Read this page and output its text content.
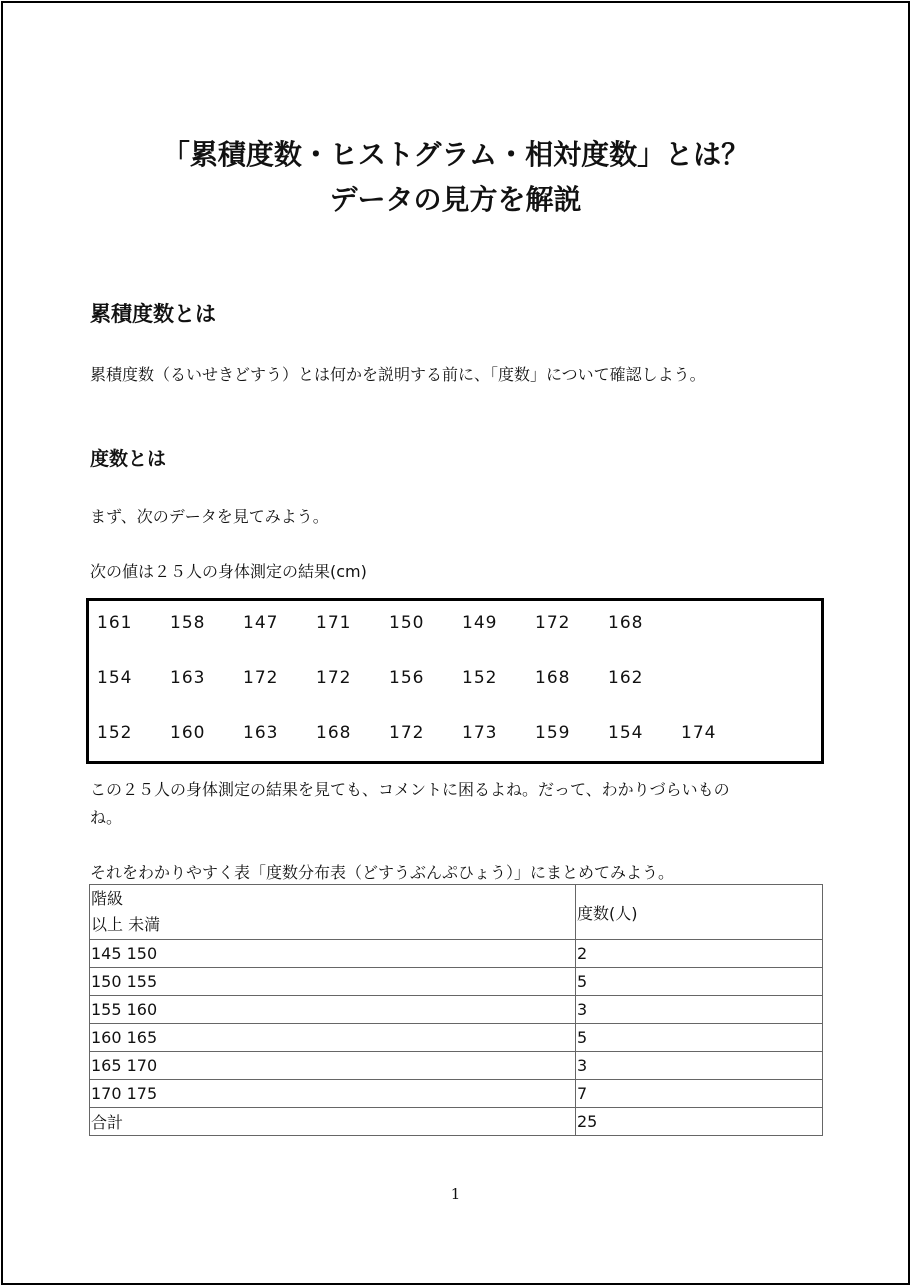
「累積度数・ヒストグラム・相対度数」とは？
データの見方を解説
累積度数とは
累積度数（るいせきどすう）とは何かを説明する前に、「度数」について確認しよう。
度数とは
まず、次のデータを見てみよう。
次の値は２５人の身体測定の結果(cm)
161	158	147	171	150	149	172	168
154	163	172	172	156	152	168	162
152	160	163	168	172	173	159	154	174
この２５人の身体測定の結果を見ても、コメントに困るよね。だって、わかりづらいもの
ね。
それをわかりやすく表「度数分布表（どすうぶんぷひょう）」にまとめてみよう。
階級
以上 未満	度数(人)
145 150	2
150 155	5
155 160	3
160 165	5
165 170	3
170 175	7
合計	25
1
